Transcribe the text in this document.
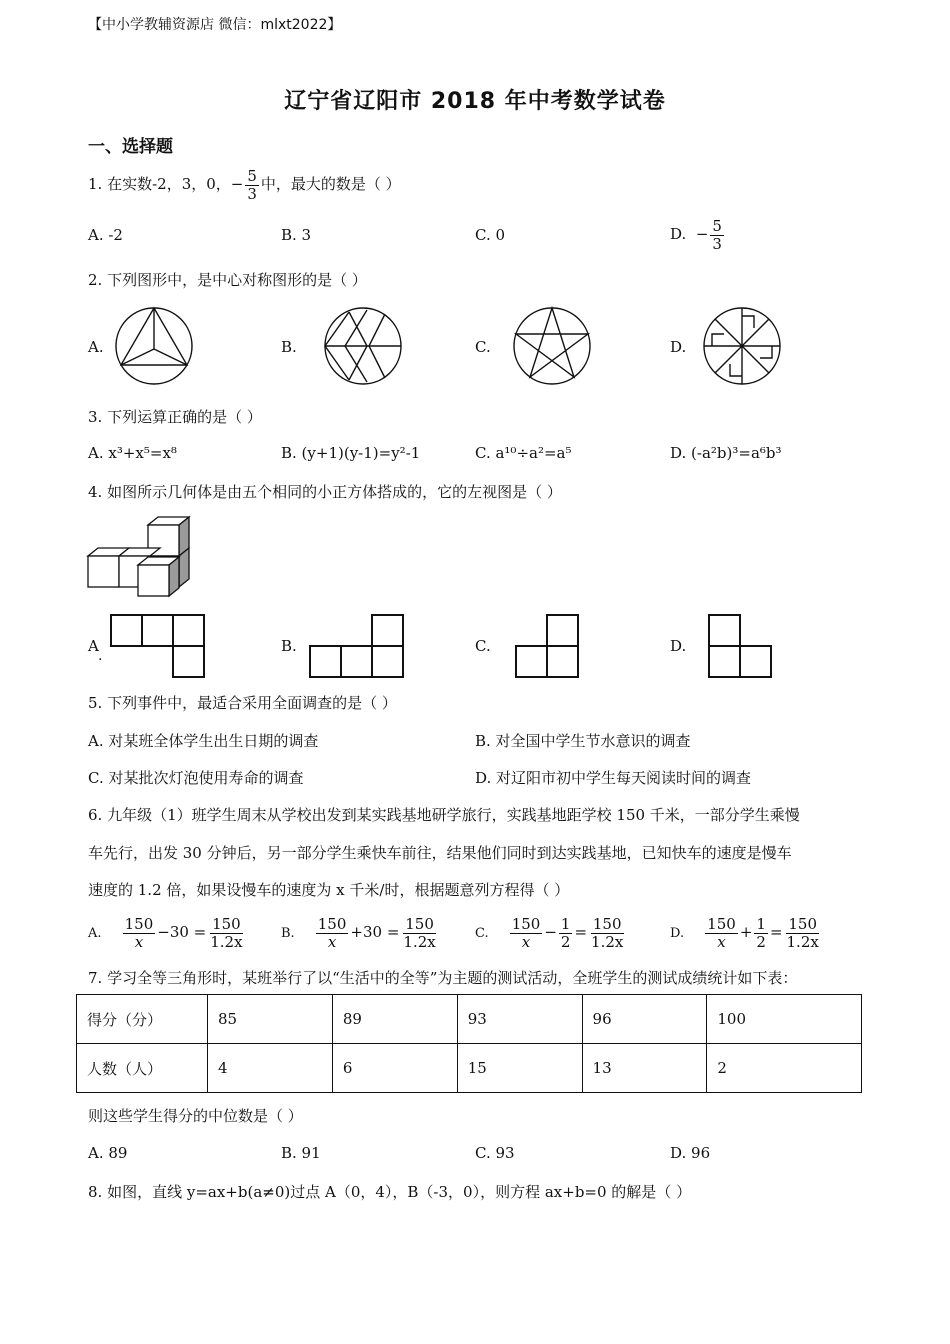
【中小学教辅资源店 微信：mlxt2022】
辽宁省辽阳市 2018 年中考数学试卷
一、选择题
1. 在实数-2，3，0，− $\frac{5}{3}$ 中，最大的数是（ ）
A. -2	B. 3	C. 0	D. − $\frac{5}{3}$
2. 下列图形中，是中心对称图形的是（ ）
A.	B.	C.	D.
3. 下列运算正确的是（ ）
A. x³+x⁵=x⁸	B. (y+1)(y-1)=y²-1	C. a¹⁰÷a²=a⁵	D. (-a²b)³=a⁶b³
4. 如图所示几何体是由五个相同的小正方体搭成的，它的左视图是（ ）
A
.
B.	C.	D.
5. 下列事件中，最适合采用全面调查的是（ ）
A. 对某班全体学生出生日期的调查	B. 对全国中学生节水意识的调查
C. 对某批次灯泡使用寿命的调查	D. 对辽阳市初中学生每天阅读时间的调查
6. 九年级（1）班学生周末从学校出发到某实践基地研学旅行，实践基地距学校 150 千米，一部分学生乘慢
车先行，出发 30 分钟后，另一部分学生乘快车前往，结果他们同时到达实践基地，已知快车的速度是慢车
速度的 1.2 倍，如果设慢车的速度为 x 千米/时，根据题意列方程得（ ）
A. $\frac{150}{x} -30 = \frac{150}{1.2x}$	B. $\frac{150}{x} +30 = \frac{150}{1.2x}$	C. $\frac{150}{x} - \frac{1}{2} = \frac{150}{1.2x}$	D. $\frac{150}{x} + \frac{1}{2} = \frac{150}{1.2x}$
7. 学习全等三角形时，某班举行了以“生活中的全等”为主题的测试活动，全班学生的测试成绩统计如下表：
得分（分）	85	89	93	96	100
人数（人）	4	6	15	13	2
则这些学生得分的中位数是（ ）
A. 89	B. 91	C. 93	D. 96
8. 如图，直线 y=ax+b(a≠0)过点 A（0，4），B（-3，0），则方程 ax+b=0 的解是（ ）
